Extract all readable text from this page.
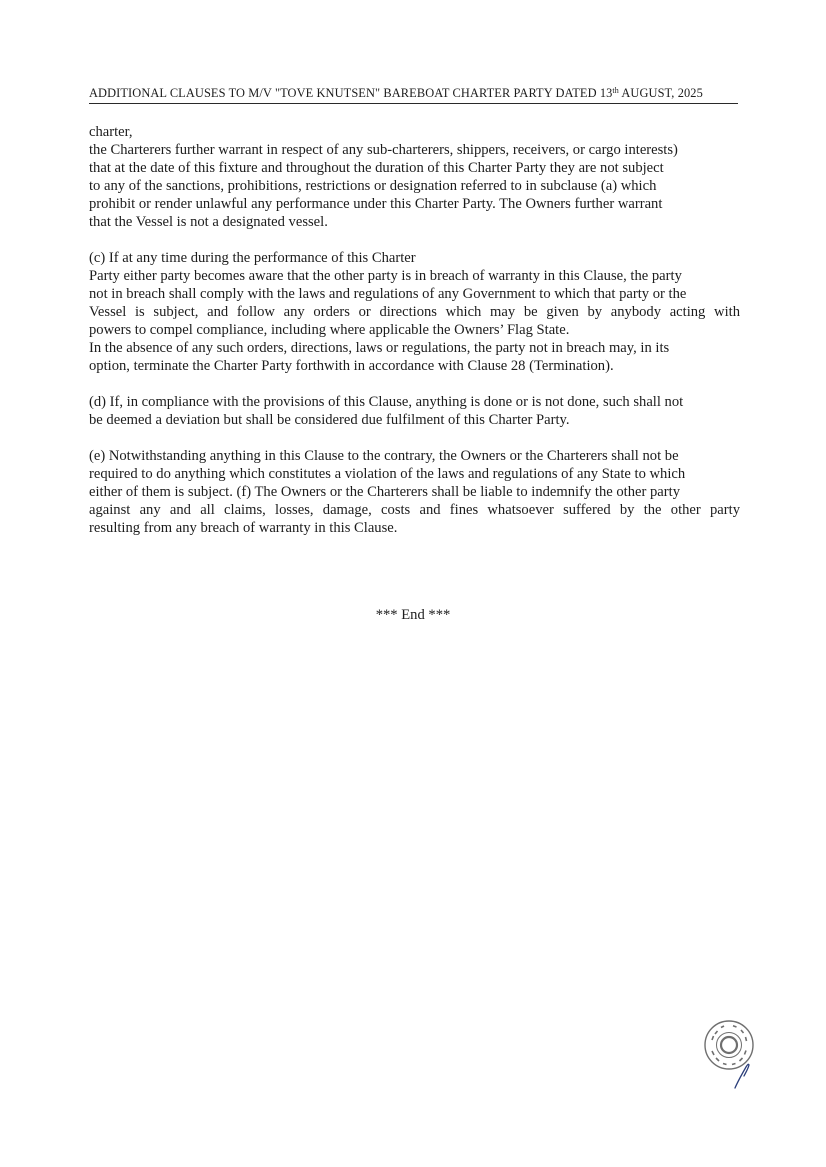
ADDITIONAL CLAUSES TO M/V "TOVE KNUTSEN" BAREBOAT CHARTER PARTY DATED 13th AUGUST, 2025
charter,
the Charterers further warrant in respect of any sub-charterers, shippers, receivers, or cargo interests)
that at the date of this fixture and throughout the duration of this Charter Party they are not subject
to any of the sanctions, prohibitions, restrictions or designation referred to in subclause (a) which
prohibit or render unlawful any performance under this Charter Party. The Owners further warrant
that the Vessel is not a designated vessel.
(c) If at any time during the performance of this Charter
Party either party becomes aware that the other party is in breach of warranty in this Clause, the party
not in breach shall comply with the laws and regulations of any Government to which that party or the
Vessel is subject, and follow any orders or directions which may be given by anybody acting with
powers to compel compliance, including where applicable the Owners’ Flag State.
In the absence of any such orders, directions, laws or regulations, the party not in breach may, in its
option, terminate the Charter Party forthwith in accordance with Clause 28 (Termination).
(d) If, in compliance with the provisions of this Clause, anything is done or is not done, such shall not
be deemed a deviation but shall be considered due fulfilment of this Charter Party.
(e) Notwithstanding anything in this Clause to the contrary, the Owners or the Charterers shall not be
required to do anything which constitutes a violation of the laws and regulations of any State to which
either of them is subject. (f) The Owners or the Charterers shall be liable to indemnify the other party
against any and all claims, losses, damage, costs and fines whatsoever suffered by the other party
resulting from any breach of warranty in this Clause.
*** End ***
